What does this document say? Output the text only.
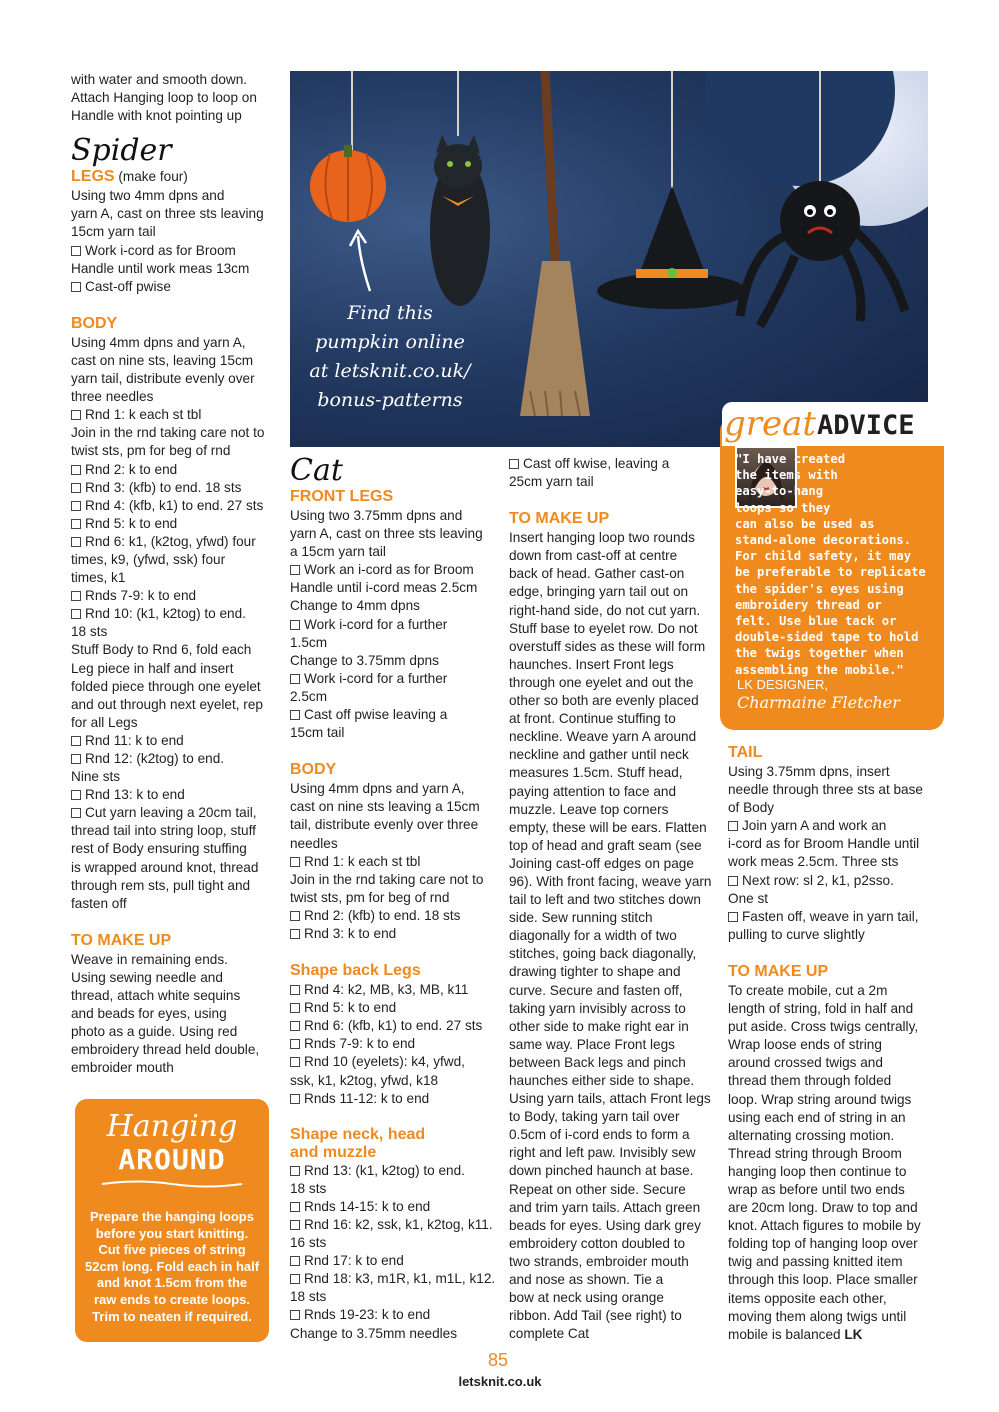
with water and smooth down.
Attach Hanging loop to loop on
Handle with knot pointing up
Spider
LEGS (make four)
Using two 4mm dpns and
yarn A, cast on three sts leaving
15cm yarn tail
Work i-cord as for Broom
Handle until work meas 13cm
Cast-off pwise
BODY
Using 4mm dpns and yarn A,
cast on nine sts, leaving 15cm
yarn tail, distribute evenly over
three needles
Rnd 1: k each st tbl
Join in the rnd taking care not to
twist sts, pm for beg of rnd
Rnd 2: k to end
Rnd 3: (kfb) to end. 18 sts
Rnd 4: (kfb, k1) to end. 27 sts
Rnd 5: k to end
Rnd 6: k1, (k2tog, yfwd) four
times, k9, (yfwd, ssk) four
times, k1
Rnds 7-9: k to end
Rnd 10: (k1, k2tog) to end.
18 sts
Stuff Body to Rnd 6, fold each
Leg piece in half and insert
folded piece through one eyelet
and out through next eyelet, rep
for all Legs
Rnd 11: k to end
Rnd 12: (k2tog) to end.
Nine sts
Rnd 13: k to end
Cut yarn leaving a 20cm tail,
thread tail into string loop, stuff
rest of Body ensuring stuffing
is wrapped around knot, thread
through rem sts, pull tight and
fasten off
TO MAKE UP
Weave in remaining ends.
Using sewing needle and
thread, attach white sequins
and beads for eyes, using
photo as a guide. Using red
embroidery thread held double,
embroider mouth
Hanging
AROUND
Prepare the hanging loops
before you start knitting.
Cut five pieces of string
52cm long. Fold each in half
and knot 1.5cm from the
raw ends to create loops.
Trim to neaten if required.
Find this
pumpkin online
at letsknit.co.uk/
bonus-patterns
Cat
FRONT LEGS
Using two 3.75mm dpns and
yarn A, cast on three sts leaving
a 15cm yarn tail
Work an i-cord as for Broom
Handle until i-cord meas 2.5cm
Change to 4mm dpns
Work i-cord for a further
1.5cm
Change to 3.75mm dpns
Work i-cord for a further
2.5cm
Cast off pwise leaving a
15cm tail
BODY
Using 4mm dpns and yarn A,
cast on nine sts leaving a 15cm
tail, distribute evenly over three
needles
Rnd 1: k each st tbl
Join in the rnd taking care not to
twist sts, pm for beg of rnd
Rnd 2: (kfb) to end. 18 sts
Rnd 3: k to end
Shape back Legs
Rnd 4: k2, MB, k3, MB, k11
Rnd 5: k to end
Rnd 6: (kfb, k1) to end. 27 sts
Rnds 7-9: k to end
Rnd 10 (eyelets): k4, yfwd,
ssk, k1, k2tog, yfwd, k18
Rnds 11-12: k to end
Shape neck, head
and muzzle
Rnd 13: (k1, k2tog) to end.
18 sts
Rnds 14-15: k to end
Rnd 16: k2, ssk, k1, k2tog, k11.
16 sts
Rnd 17: k to end
Rnd 18: k3, m1R, k1, m1L, k12.
18 sts
Rnds 19-23: k to end
Change to 3.75mm needles
Cast off kwise, leaving a
25cm yarn tail
TO MAKE UP
Insert hanging loop two rounds
down from cast-off at centre
back of head. Gather cast-on
edge, bringing yarn tail out on
right-hand side, do not cut yarn.
Stuff base to eyelet row. Do not
overstuff sides as these will form
haunches. Insert Front legs
through one eyelet and out the
other so both are evenly placed
at front. Continue stuffing to
neckline. Weave yarn A around
neckline and gather until neck
measures 1.5cm. Stuff head,
paying attention to face and
muzzle. Leave top corners
empty, these will be ears. Flatten
top of head and graft seam (see
Joining cast-off edges on page
96). With front facing, weave yarn
tail to left and two stitches down
side. Sew running stitch
diagonally for a width of two
stitches, going back diagonally,
drawing tighter to shape and
curve. Secure and fasten off,
taking yarn invisibly across to
other side to make right ear in
same way. Place Front legs
between Back legs and pinch
haunches either side to shape.
Using yarn tails, attach Front legs
to Body, taking yarn tail over
0.5cm of i-cord ends to form a
right and left paw. Invisibly sew
down pinched haunch at base.
Repeat on other side. Secure
and trim yarn tails. Attach green
beads for eyes. Using dark grey
embroidery cotton doubled to
two strands, embroider mouth
and nose as shown. Tie a
bow at neck using orange
ribbon. Add Tail (see right) to
complete Cat
great ADVICE
"I have created
the items with
easy-to-hang
loops so they
can also be used as
stand-alone decorations.
For child safety, it may
be preferable to replicate
the spider's eyes using
embroidery thread or
felt. Use blue tack or
double-sided tape to hold
the twigs together when
assembling the mobile."
LK DESIGNER,
Charmaine Fletcher
TAIL
Using 3.75mm dpns, insert
needle through three sts at base
of Body
Join yarn A and work an
i-cord as for Broom Handle until
work meas 2.5cm. Three sts
Next row: sl 2, k1, p2sso.
One st
Fasten off, weave in yarn tail,
pulling to curve slightly
TO MAKE UP
To create mobile, cut a 2m
length of string, fold in half and
put aside. Cross twigs centrally,
Wrap loose ends of string
around crossed twigs and
thread them through folded
loop. Wrap string around twigs
using each end of string in an
alternating crossing motion.
Thread string through Broom
hanging loop then continue to
wrap as before until two ends
are 20cm long. Draw to top and
knot. Attach figures to mobile by
folding top of hanging loop over
twig and passing knitted item
through this loop. Place smaller
items opposite each other,
moving them along twigs until
mobile is balanced LK
85
letsknit.co.uk
